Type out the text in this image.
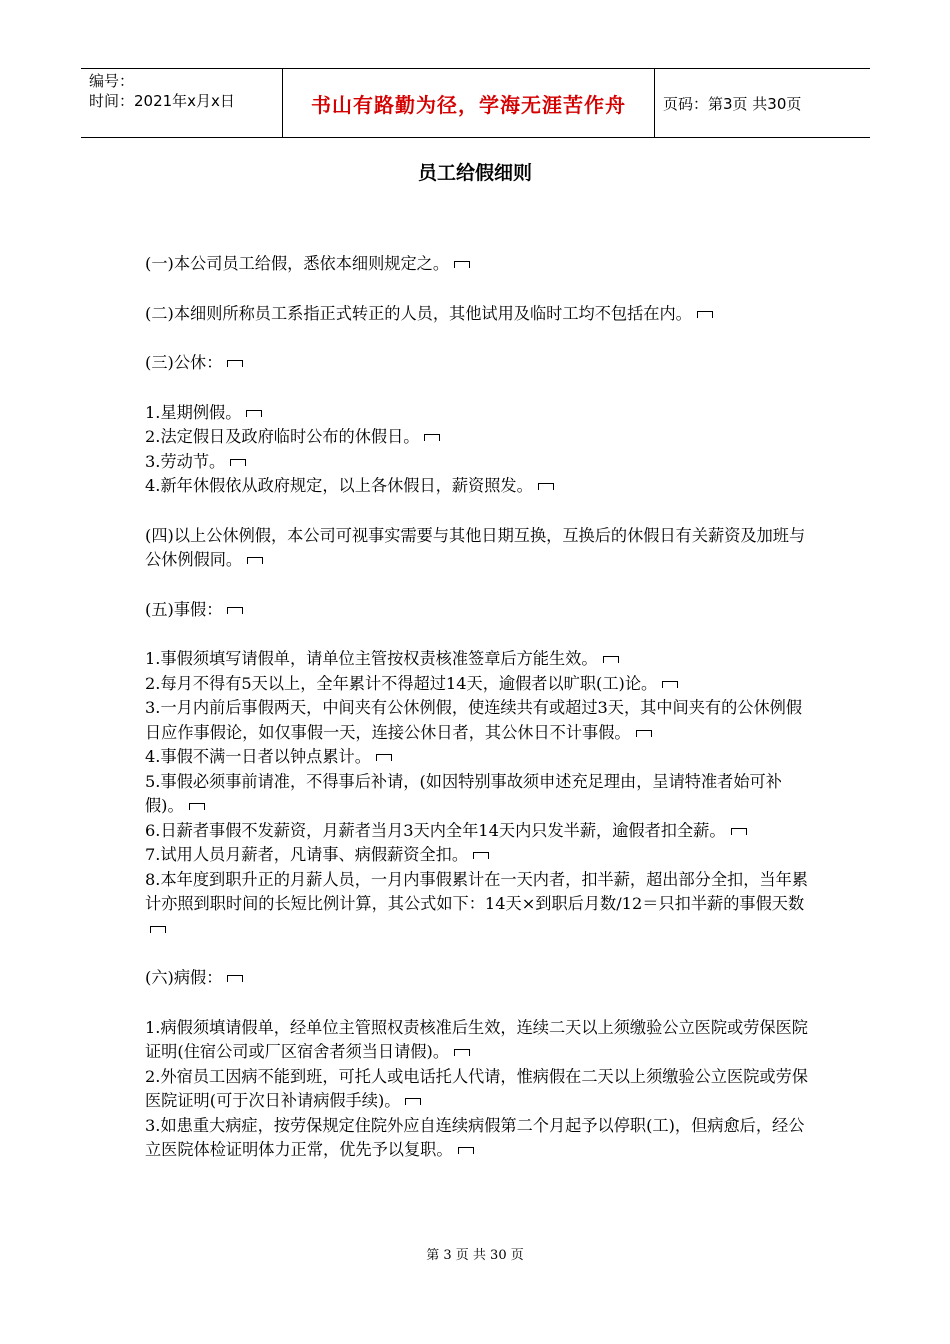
编号：
时间：2021年x月x日	书山有路勤为径，学海无涯苦作舟	页码：第3页 共30页
员工给假细则

(一)本公司员工给假，悉依本细则规定之。

(二)本细则所称员工系指正式转正的人员，其他试用及临时工均不包括在内。

(三)公休：

1.星期例假。

2.法定假日及政府临时公布的休假日。

3.劳动节。

4.新年休假依从政府规定，以上各休假日，薪资照发。

(四)以上公休例假，本公司可视事实需要与其他日期互换，互换后的休假日有关薪资及加班与公休例假同。

(五)事假：

1.事假须填写请假单，请单位主管按权责核准签章后方能生效。

2.每月不得有5天以上，全年累计不得超过14天，逾假者以旷职(工)论。

3.一月内前后事假两天，中间夹有公休例假，使连续共有或超过3天，其中间夹有的公休例假日应作事假论，如仅事假一天，连接公休日者，其公休日不计事假。

4.事假不满一日者以钟点累计。

5.事假必须事前请准，不得事后补请，(如因特别事故须申述充足理由，呈请特准者始可补假)。

6.日薪者事假不发薪资，月薪者当月3天内全年14天内只发半薪，逾假者扣全薪。

7.试用人员月薪者，凡请事、病假薪资全扣。

8.本年度到职升正的月薪人员，一月内事假累计在一天内者，扣半薪，超出部分全扣，当年累计亦照到职时间的长短比例计算，其公式如下：14天×到职后月数/12＝只扣半薪的事假天数

(六)病假：

1.病假须填请假单，经单位主管照权责核准后生效，连续二天以上须缴验公立医院或劳保医院证明(住宿公司或厂区宿舍者须当日请假)。

2.外宿员工因病不能到班，可托人或电话托人代请，惟病假在二天以上须缴验公立医院或劳保医院证明(可于次日补请病假手续)。

3.如患重大病症，按劳保规定住院外应自连续病假第二个月起予以停职(工)，但病愈后，经公立医院体检证明体力正常，优先予以复职。

第 3 页 共 30 页
